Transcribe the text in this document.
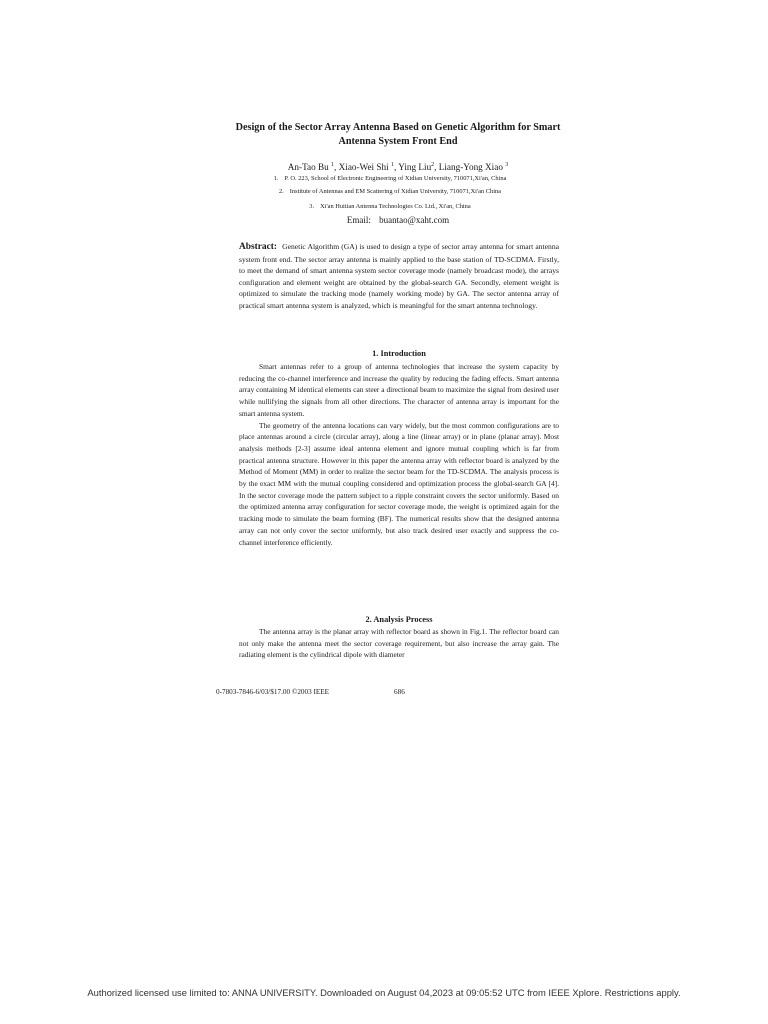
Design of the Sector Array Antenna Based on Genetic Algorithm for Smart
Antenna System Front End
An-Tao Bu $^1$, Xiao-Wei Shi $^1$, Ying Liu$^2$, Liang-Yong Xiao $^3$
1. P. O. 223, School of Electronic Engineering of Xidian University, 710071,Xi'an, China
2. Institute of Antennas and EM Scattering of Xidian University, 710071,Xi'an China
3. Xi'an Huitian Antenna Technologies Co. Ltd., Xi'an, China
Email: buantao@xaht.com
Abstract: Genetic Algorithm (GA) is used to design a type of sector array antenna for smart antenna system front end. The sector array antenna is mainly applied to the base station of TD-SCDMA. Firstly, to meet the demand of smart antenna system sector coverage mode (namely broadcast mode), the arrays configuration and element weight are obtained by the global-search GA. Secondly, element weight is optimized to simulate the tracking mode (namely working mode) by GA. The sector antenna array of practical smart antenna system is analyzed, which is meaningful for the smart antenna technology.
1. Introduction

Smart antennas refer to a group of antenna technologies that increase the system capacity by reducing the co-channel interference and increase the quality by reducing the fading effects. Smart antenna array containing M identical elements can steer a directional beam to maximize the signal from desired user while nullifying the signals from all other directions. The character of antenna array is important for the smart antenna system.

The geometry of the antenna locations can vary widely, but the most common configurations are to place antennas around a circle (circular array), along a line (linear array) or in plane (planar array). Most analysis methods [2-3] assume ideal antenna element and ignore mutual coupling which is far from practical antenna structure. However in this paper the antenna array with reflector board is analyzed by the Method of Moment (MM) in order to realize the sector beam for the TD-SCDMA. The analysis process is by the exact MM with the mutual coupling considered and optimization process the global-search GA [4]. In the sector coverage mode the pattern subject to a ripple constraint covers the sector uniformly. Based on the optimized antenna array configuration for sector coverage mode, the weight is optimized again for the tracking mode to simulate the beam forming (BF). The numerical results show that the designed antenna array can not only cover the sector uniformly, but also track desired user exactly and suppress the co-channel interference efficiently.

2. Analysis Process

The antenna array is the planar array with reflector board as shown in Fig.1. The reflector board can not only make the antenna meet the sector coverage requirement, but also increase the array gain. The radiating element is the cylindrical dipole with diameter

0-7803-7846-6/03/$17.00 ©2003 IEEE	686
Authorized licensed use limited to: ANNA UNIVERSITY. Downloaded on August 04,2023 at 09:05:52 UTC from IEEE Xplore. Restrictions apply.
